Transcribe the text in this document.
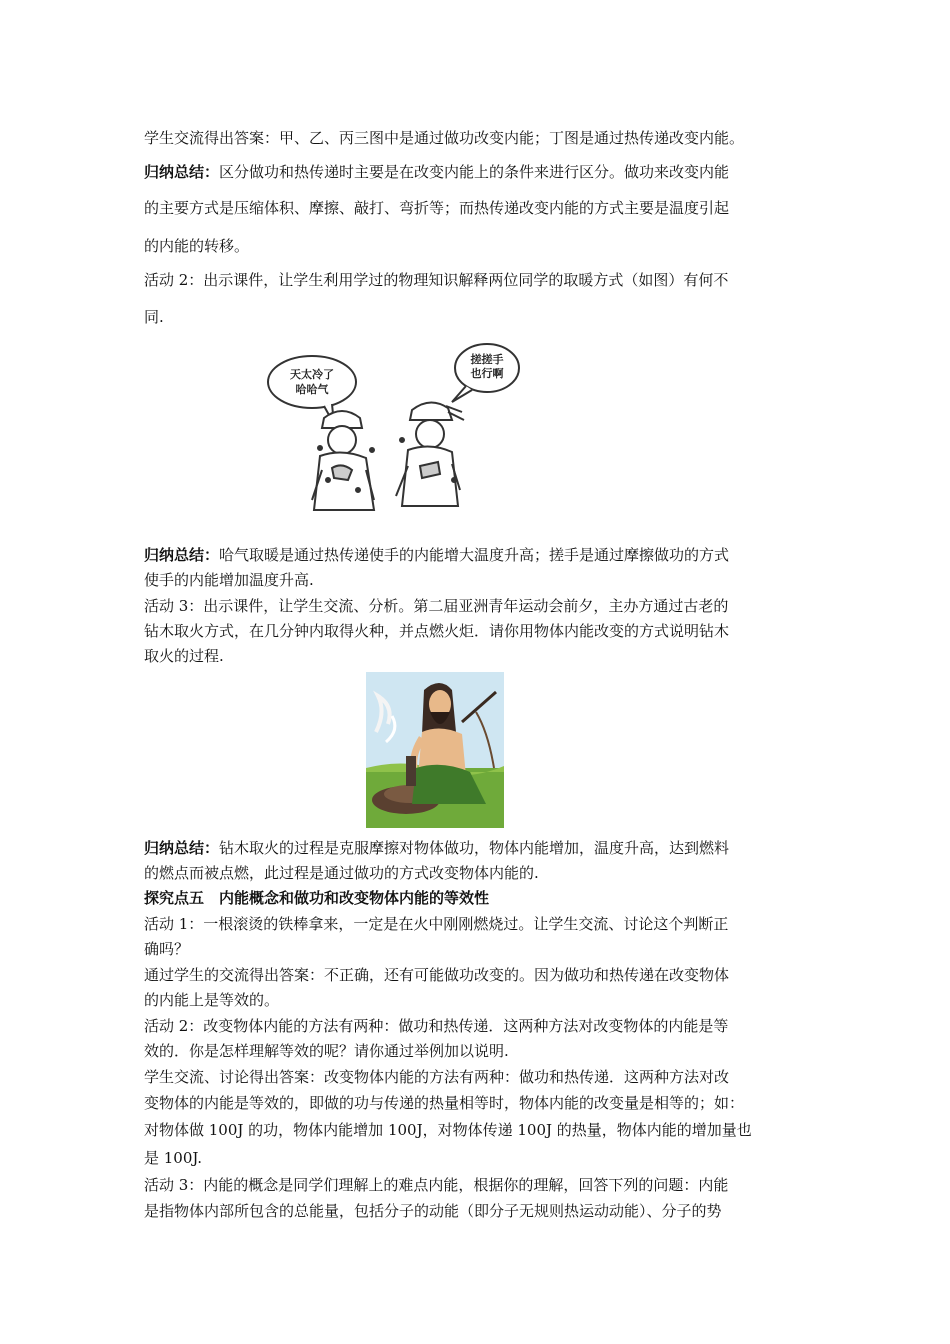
学生交流得出答案：甲、乙、丙三图中是通过做功改变内能；丁图是通过热传递改变内能。
归纳总结：区分做功和热传递时主要是在改变内能上的条件来进行区分。做功来改变内能
的主要方式是压缩体积、摩擦、敲打、弯折等；而热传递改变内能的方式主要是温度引起
的内能的转移。
活动 2：出示课件，让学生利用学过的物理知识解释两位同学的取暖方式（如图）有何不
同.
天太冷了哈哈气
搓搓手也行啊
归纳总结：哈气取暖是通过热传递使手的内能增大温度升高；搓手是通过摩擦做功的方式
使手的内能增加温度升高.
活动 3：出示课件，让学生交流、分析。第二届亚洲青年运动会前夕，主办方通过古老的
钻木取火方式，在几分钟内取得火种，并点燃火炬．请你用物体内能改变的方式说明钻木
取火的过程.
归纳总结：钻木取火的过程是克服摩擦对物体做功，物体内能增加，温度升高，达到燃料
的燃点而被点燃，此过程是通过做功的方式改变物体内能的.
探究点五　内能概念和做功和改变物体内能的等效性
活动 1：一根滚烫的铁棒拿来，一定是在火中刚刚燃烧过。让学生交流、讨论这个判断正
确吗？
通过学生的交流得出答案：不正确，还有可能做功改变的。因为做功和热传递在改变物体
的内能上是等效的。
活动 2：改变物体内能的方法有两种：做功和热传递．这两种方法对改变物体的内能是等
效的．你是怎样理解等效的呢？请你通过举例加以说明.
学生交流、讨论得出答案：改变物体内能的方法有两种：做功和热传递．这两种方法对改
变物体的内能是等效的，即做的功与传递的热量相等时，物体内能的改变量是相等的；如：
对物体做 100J 的功，物体内能增加 100J，对物体传递 100J 的热量，物体内能的增加量也
是 100J.
活动 3：内能的概念是同学们理解上的难点内能，根据你的理解，回答下列的问题：内能
是指物体内部所包含的总能量，包括分子的动能（即分子无规则热运动动能）、分子的势
